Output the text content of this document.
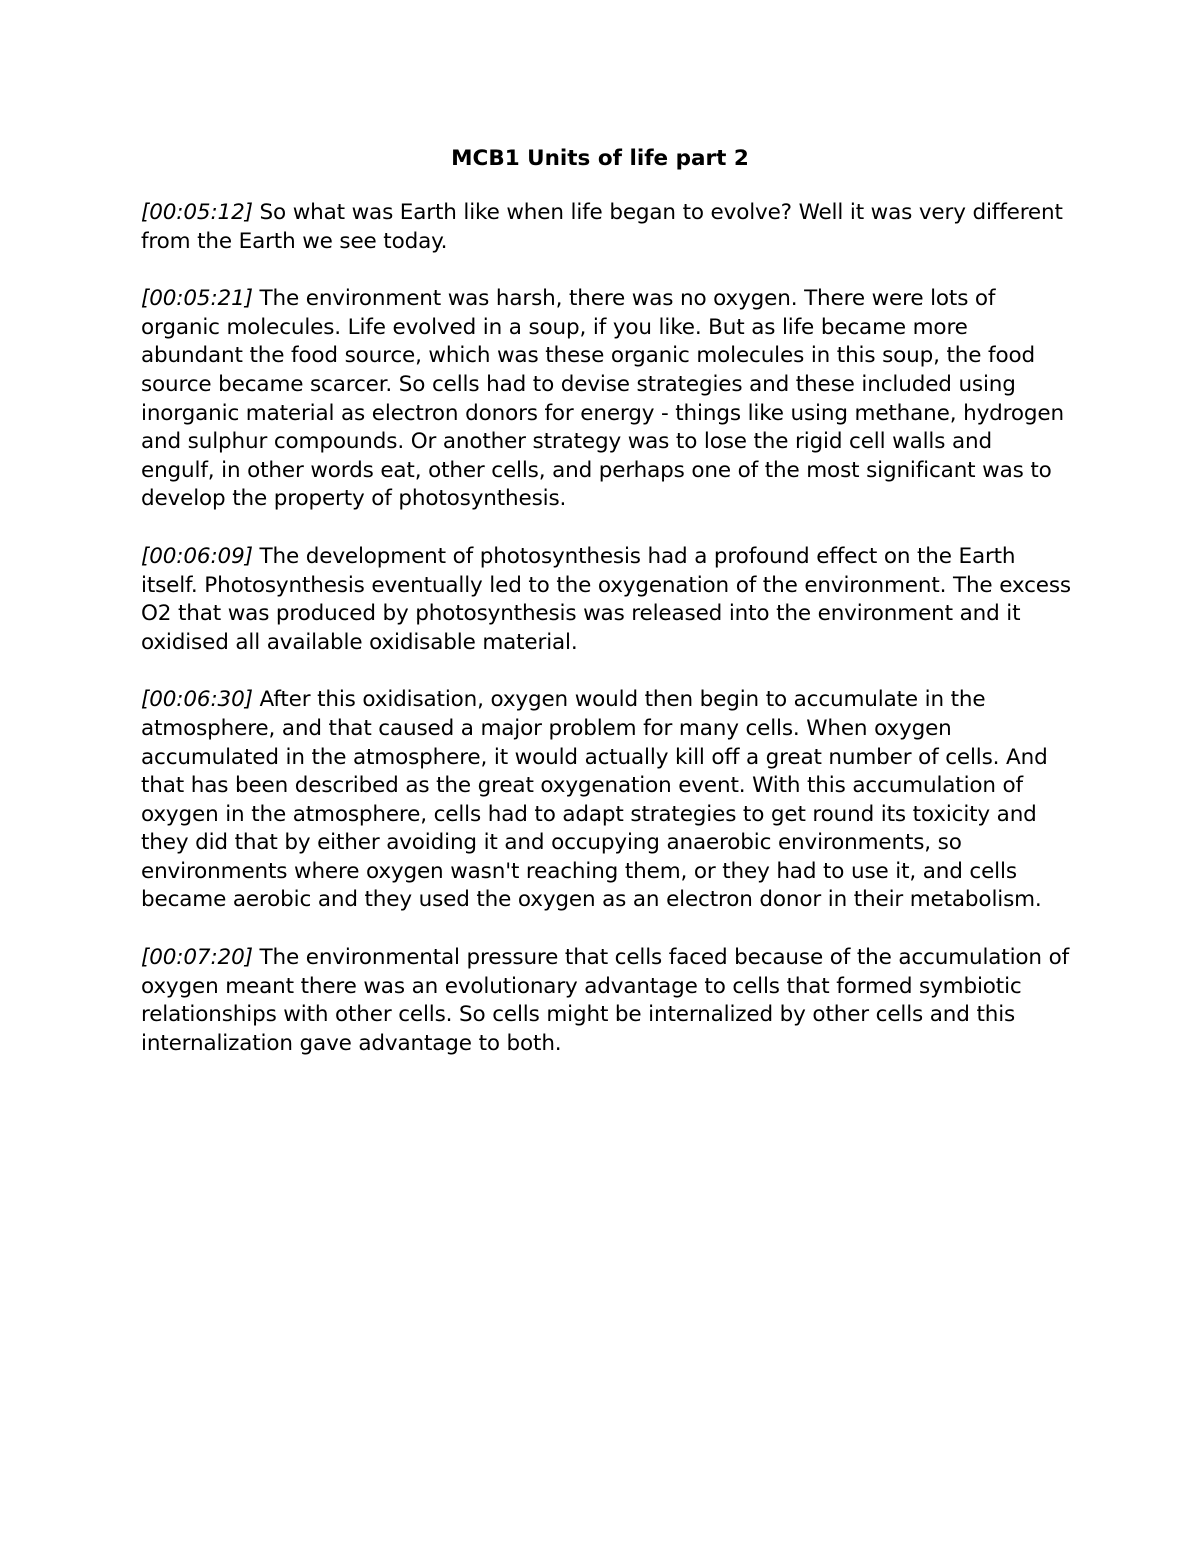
MCB1 Units of life part 2

[00:05:12] So what was Earth like when life began to evolve? Well it was very different from the Earth we see today.

[00:05:21] The environment was harsh, there was no oxygen. There were lots of organic molecules. Life evolved in a soup, if you like. But as life became more abundant the food source, which was these organic molecules in this soup, the food source became scarcer. So cells had to devise strategies and these included using inorganic material as electron donors for energy - things like using methane, hydrogen and sulphur compounds. Or another strategy was to lose the rigid cell walls and engulf, in other words eat, other cells, and perhaps one of the most significant was to develop the property of photosynthesis.

[00:06:09] The development of photosynthesis had a profound effect on the Earth itself. Photosynthesis eventually led to the oxygenation of the environment. The excess O2 that was produced by photosynthesis was released into the environment and it oxidised all available oxidisable material.

[00:06:30] After this oxidisation, oxygen would then begin to accumulate in the atmosphere, and that caused a major problem for many cells. When oxygen accumulated in the atmosphere, it would actually kill off a great number of cells. And that has been described as the great oxygenation event. With this accumulation of oxygen in the atmosphere, cells had to adapt strategies to get round its toxicity and they did that by either avoiding it and occupying anaerobic environments, so environments where oxygen wasn't reaching them, or they had to use it, and cells became aerobic and they used the oxygen as an electron donor in their metabolism.

[00:07:20] The environmental pressure that cells faced because of the accumulation of oxygen meant there was an evolutionary advantage to cells that formed symbiotic relationships with other cells. So cells might be internalized by other cells and this internalization gave advantage to both.
